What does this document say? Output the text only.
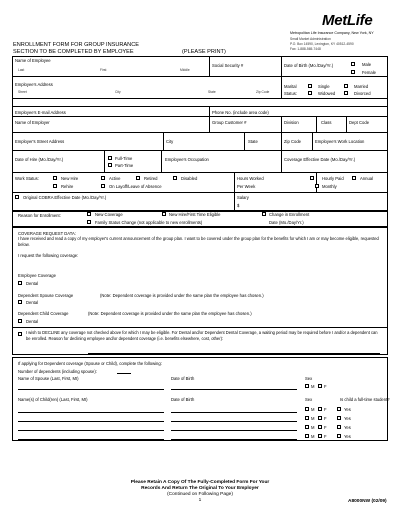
MetLife
Metropolitan Life Insurance Company, New York, NY
Small Market Administration
P.O. Box 14590, Lexington, KY 40512-4590
Fax: 1-888-565-7448
ENROLLMENT FORM FOR GROUP INSURANCE
SECTION TO BE COMPLETED BY EMPLOYEE	(PLEASE PRINT)
Name of Employee
Last	First	Middle
Social Security #	Date of Birth (Mo./Day/Yr.)	Male
Female
Employee's Address
Street	City	State	Zip Code
Marital
Status:
Single	Married
Widowed	Divorced
Employee's E-mail Address	Phone No. (include area code)
Name of Employer	Group Customer #	Division	Class	Dept Code
Employer's Street Address	City	State	Zip Code	Employee's Work Location
Date of Hire (Mo./Day/Yr.)	Full-Time
Part-Time
Employee's Occupation	Coverage Effective Date (Mo./Day/Yr.)
Work Status:	New Hire	Active	Retired	Disabled
Rehire	On Layoff/Leave of Absence
Hours Worked
Per Week
Hourly Paid	Annual
Monthly
Original COBRA Effective Date (Mo./Day/Yr.)	Salary
$
Reason for Enrollment:	New Coverage	New Hire/First Time Eligible	Change in Enrollment
Family Status Change (not applicable to new enrollments)	Date (Mo./Day/Yr.)
COVERAGE REQUEST DATA:
I have received and read a copy of my employer's current announcement of the group plan. I want to be covered under the group plan for the benefits for which I am or may become eligible, requested below.
I request the following coverage:
Employee Coverage
Dental
Dependent Spouse Coverage	(Note: Dependent coverage is provided under the same plan the employee has chosen.)
Dental
Dependent Child Coverage	(Note: Dependent coverage is provided under the same plan the employee has chosen.)
Dental
I wish to DECLINE any coverage not checked above for which I may be eligible. For Dental and/or Dependent Dental Coverage, a waiting period may be required before I and/or a dependent can be enrolled. Reason for declining employee and/or dependent coverage (i.e. benefits elsewhere, cost, other):
If applying for Dependent coverage (Spouse or Child), complete the following:
Number of dependents (including spouse):
Name of Spouse (Last, First, MI)	Date of Birth	Sex
M F
Name(s) of Child(ren) (Last, First, MI)	Date of Birth	Sex	Is child a full-time student?
M F	Yes
M F	Yes
M F	Yes
M F	Yes
Please Retain A Copy Of The Fully-Completed Form For Your
Records And Return The Original To Your Employer
(Continued on Following Page)
1	A8000NW (02/09)
